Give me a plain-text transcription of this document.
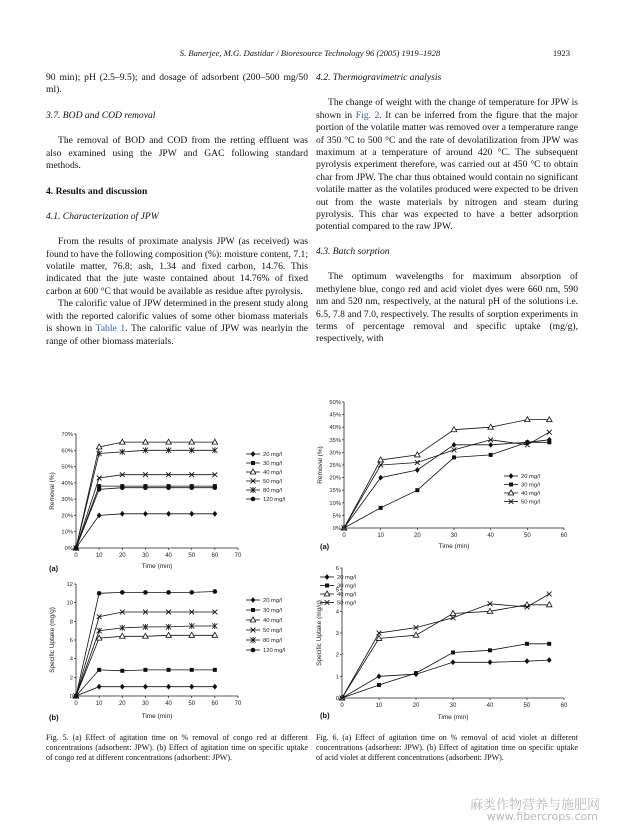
S. Banerjee, M.G. Dastidar / Bioresource Technology 96 (2005) 1919–1928	1923

90 min); pH (2.5–9.5); and dosage of adsorbent (200–500 mg/50 ml).

3.7. BOD and COD removal

The removal of BOD and COD from the retting effluent was also examined using the JPW and GAC following standard methods.

4. Results and discussion

4.1. Characterization of JPW

From the results of proximate analysis JPW (as received) was found to have the following composition (%): moisture content, 7.1; volatile matter, 76.8; ash, 1.34 and fixed carbon, 14.76. This indicated that the jute waste contained about 14.76% of fixed carbon at 600 °C that would be available as residue after pyrolysis.

The calorific value of JPW determined in the present study along with the reported calorific values of some other biomass materials is shown in Table 1. The calorific value of JPW was nearlyin the range of other biomass materials.

4.2. Thermogravimetric analysis

The change of weight with the change of temperature for JPW is shown in Fig. 2. It can be inferred from the figure that the major portion of the volatile matter was removed over a temperature range of 350 °C to 500 °C and the rate of devolatilization from JPW was maximum at a temperature of around 420 °C. The subsequent pyrolysis experiment therefore, was carried out at 450 °C to obtain char from JPW. The char thus obtained would contain no significant volatile matter as the volatiles produced were expected to be driven out from the waste materials by nitrogen and steam during pyrolysis. This char was expected to have a better adsorption potential compared to the raw JPW.

4.3. Batch sorption

The optimum wavelengths for maximum absorption of methylene blue, congo red and acid violet dyes were 660 nm, 590 nm and 520 nm, respectively, at the natural pH of the solutions i.e. 6.5, 7.8 and 7.0, respectively. The results of sorption experiments in terms of percentage removal and specific uptake (mg/g), respectively, with

0%
10%
20%
30%
40%
50%
60%
70%
0	10	20	30	40	50	60	70
Time (min)
Removal (%)
(a)
20 mg/l
30 mg/l
40 mg/l
50 mg/l
80 mg/l
120 mg/l
0
2
4
6
8
10
12
0	10	20	30	40	50	60	70
Time (min)
Specific Uptake (mg/g)
(b)
20 mg/l
30 mg/l
40 mg/l
50 mg/l
80 mg/l
120 mg/l
Fig. 5. (a) Effect of agitation time on % removal of congo red at different concentrations (adsorbent: JPW). (b) Effect of agitation time on specific uptake of congo red at different concentrations (adsorbent: JPW).
0%
5%
10%
15%
20%
25%
30%
35%
40%
45%
50%
0	10	20	30	40	50	60
Time (min)
Removal (%)
(a)
20 mg/l
30 mg/l
40 mg/l
50 mg/l
0
1
2
3
4
5
6
0	10	20	30	40	50	60
Time (min)
Specific Uptake (mg/g)
(b)
20 mg/l
30 mg/l
40 mg/l
50 mg/l
Fig. 6. (a) Effect of agitation time on % removal of acid violet at different concentrations (adsorbent: JPW). (b) Effect of agitation time on specific uptake of acid violet at different concentrations (adsorbent: JPW).
麻类作物营养与施肥网
www.fibercrops.com
